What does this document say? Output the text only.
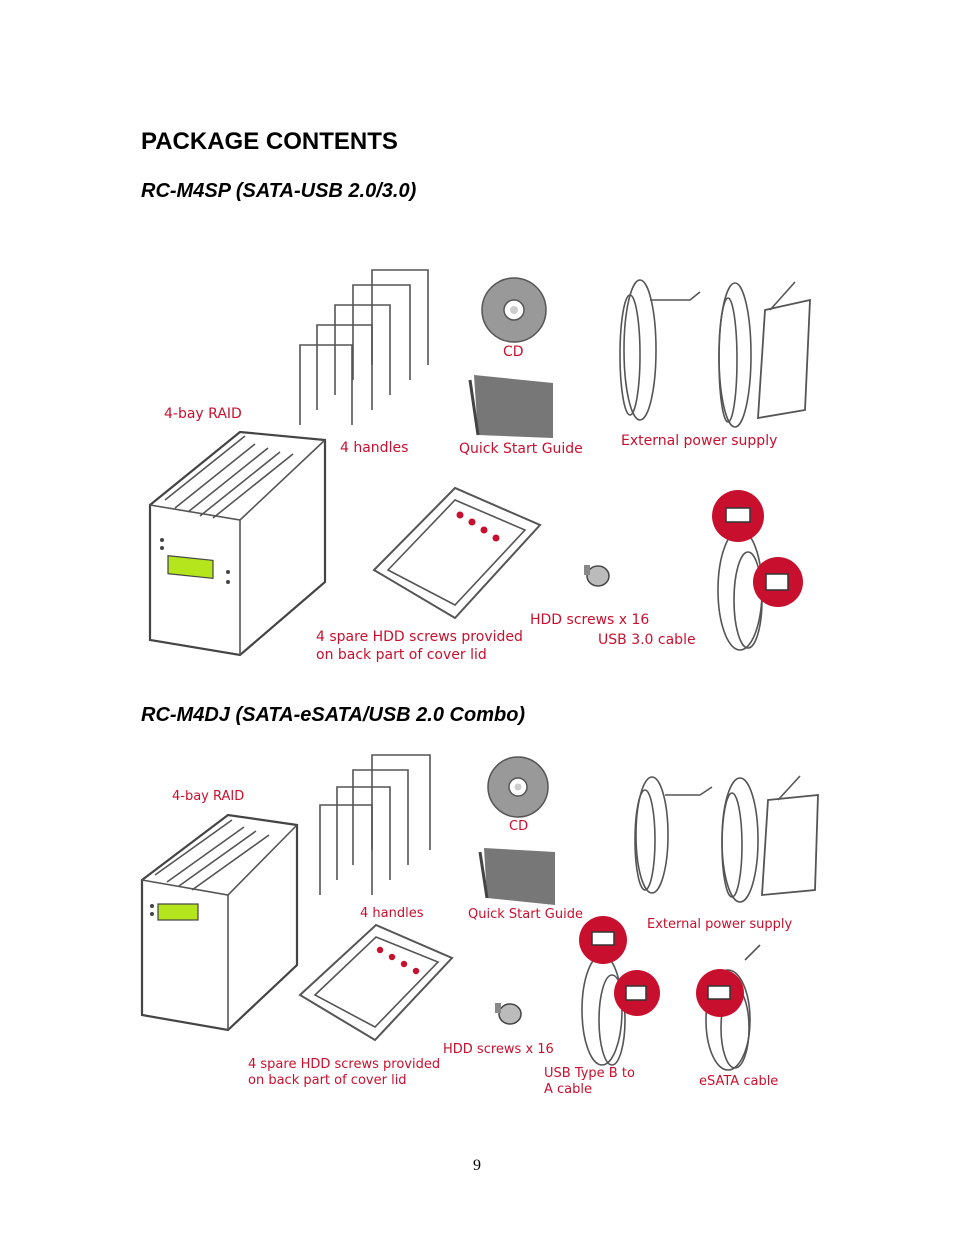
PACKAGE CONTENTS
RC-M4SP (SATA-USB 2.0/3.0)
RC-M4DJ (SATA-eSATA/USB 2.0 Combo)
4-bay RAID
4 handles
CD
Quick Start Guide	External power supply
HDD screws x 16
4 spare HDD screws provided
on back part of cover lid
USB 3.0 cable
4-bay RAID
4 handles
CD
Quick Start Guide
External power supply
HDD screws x 16
4 spare HDD screws provided
on back part of cover lid	USB Type B to
A cable
eSATA cable
9
